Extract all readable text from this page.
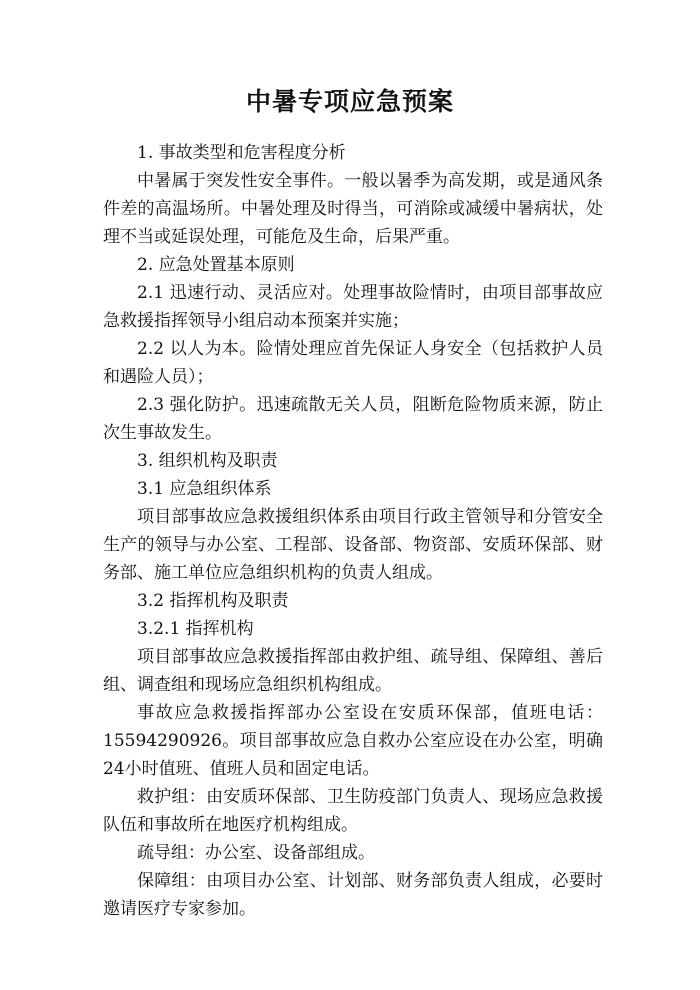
中暑专项应急预案

1. 事故类型和危害程度分析

中暑属于突发性安全事件。一般以暑季为高发期，或是通风条件差的高温场所。中暑处理及时得当，可消除或减缓中暑病状，处理不当或延误处理，可能危及生命，后果严重。

2. 应急处置基本原则

2.1 迅速行动、灵活应对。处理事故险情时，由项目部事故应急救援指挥领导小组启动本预案并实施；

2.2 以人为本。险情处理应首先保证人身安全（包括救护人员和遇险人员）；

2.3 强化防护。迅速疏散无关人员，阻断危险物质来源，防止次生事故发生。

3. 组织机构及职责

3.1 应急组织体系

项目部事故应急救援组织体系由项目行政主管领导和分管安全生产的领导与办公室、工程部、设备部、物资部、安质环保部、财务部、施工单位应急组织机构的负责人组成。

3.2 指挥机构及职责

3.2.1 指挥机构

项目部事故应急救援指挥部由救护组、疏导组、保障组、善后组、调查组和现场应急组织机构组成。

事故应急救援指挥部办公室设在安质环保部，值班电话：15594290926。项目部事故应急自救办公室应设在办公室，明确24小时值班、值班人员和固定电话。

救护组：由安质环保部、卫生防疫部门负责人、现场应急救援队伍和事故所在地医疗机构组成。

疏导组：办公室、设备部组成。

保障组：由项目办公室、计划部、财务部负责人组成，必要时邀请医疗专家参加。
